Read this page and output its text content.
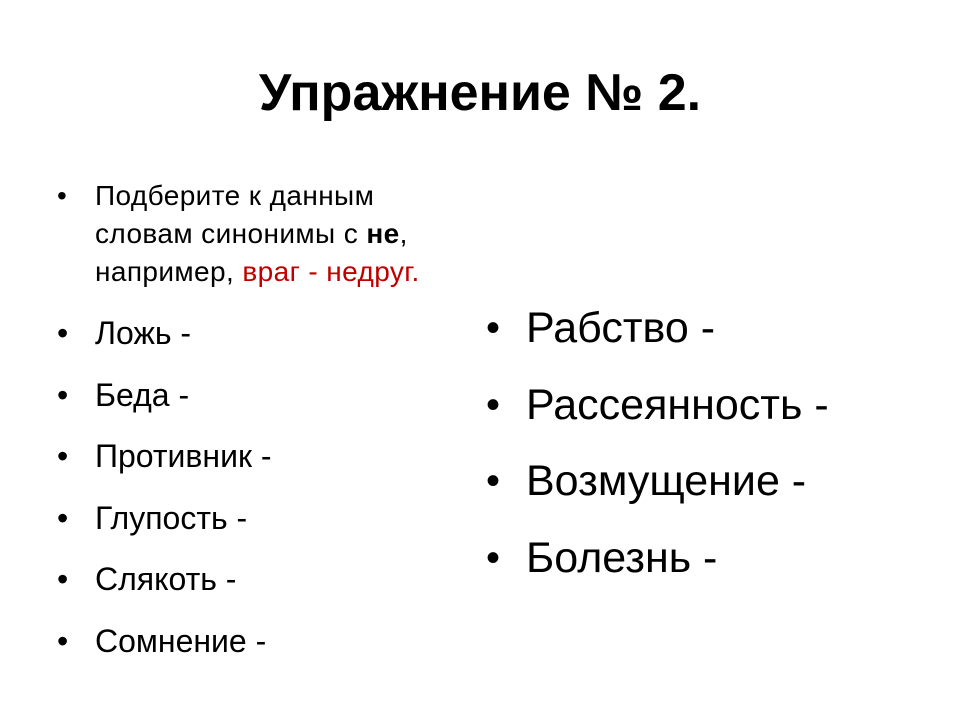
Упражнение № 2.
• Подберите к данным словам синонимы с не, например, враг - недруг.
• Ложь -
• Беда -
• Противник -
• Глупость -
• Слякоть -
• Сомнение -
• Рабство -
• Рассеянность -
• Возмущение -
• Болезнь -
